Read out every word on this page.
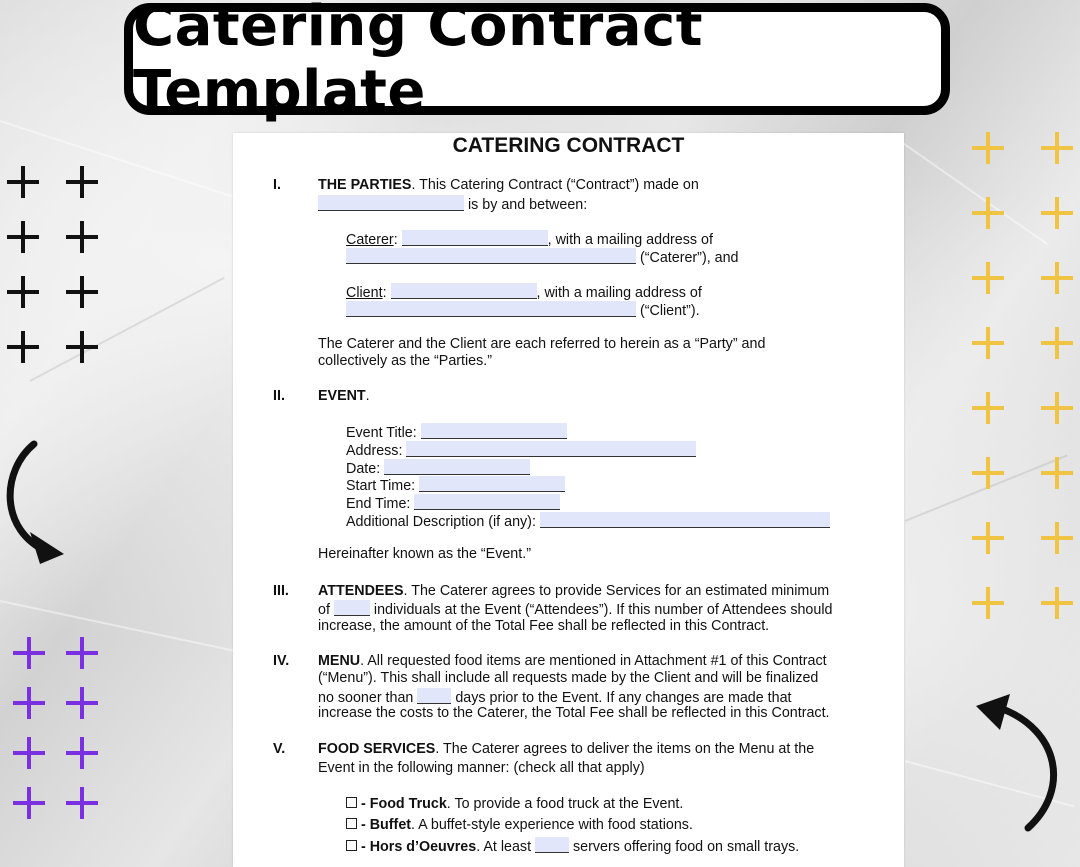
Catering Contract Template
CATERING CONTRACT
I.	THE PARTIES. This Catering Contract (“Contract”) made on
is by and between:
Caterer:	, with a mailing address of
(“Caterer”), and
Client:	, with a mailing address of
(“Client”).
The Caterer and the Client are each referred to herein as a “Party” and
collectively as the “Parties.”
II. EVENT.
Event Title:
Address:
Date:
Start Time:
End Time:
Additional Description (if any):
Hereinafter known as the “Event.”
III. ATTENDEES. The Caterer agrees to provide Services for an estimated minimum
of	individuals at the Event (“Attendees”). If this number of Attendees should
increase, the amount of the Total Fee shall be reflected in this Contract.
IV. MENU. All requested food items are mentioned in Attachment #1 of this Contract
(“Menu”). This shall include all requests made by the Client and will be finalized
no sooner than	days prior to the Event. If any changes are made that
increase the costs to the Caterer, the Total Fee shall be reflected in this Contract.
V. FOOD SERVICES. The Caterer agrees to deliver the items on the Menu at the
Event in the following manner: (check all that apply)
- Food Truck. To provide a food truck at the Event.
- Buffet. A buffet-style experience with food stations.
- Hors d’Oeuvres. At least	servers offering food on small trays.
